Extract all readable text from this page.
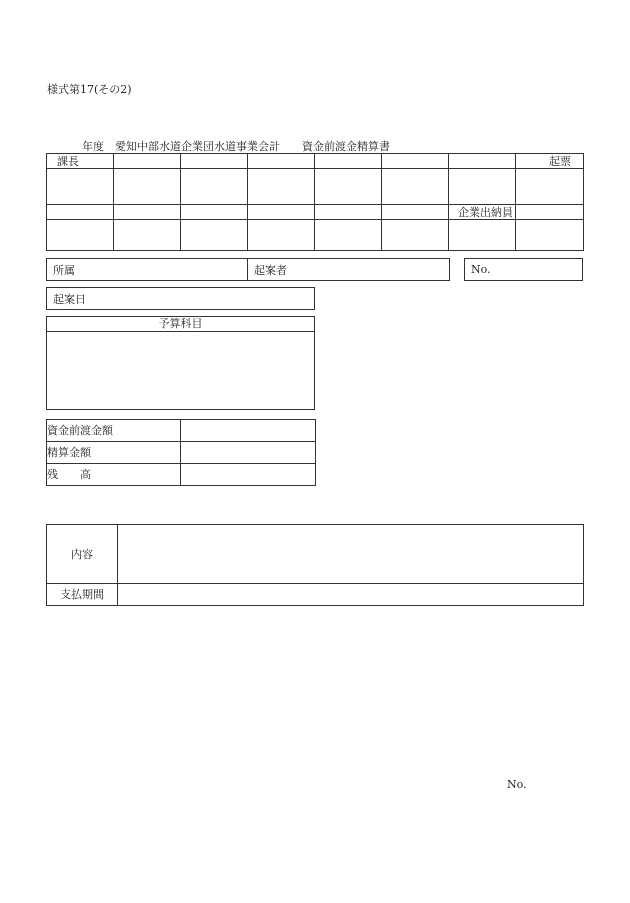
様式第17(その2)
年度　 愛知中部水道企業団水道事業会計　　 資金前渡金精算書
課長							起票

						企業出納員	

所属	起案者	No.
起案日
予算科目
資金前渡金額	
精算金額	
残　　高	
内容	
支払期間	
No.
